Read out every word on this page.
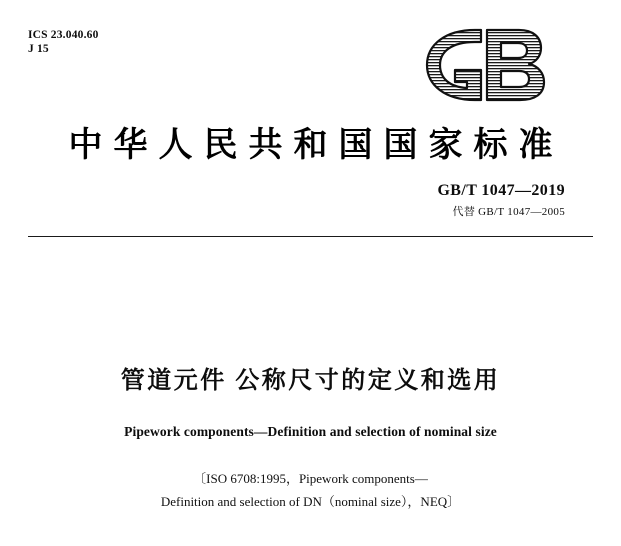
ICS 23.040.60
J 15
中华人民共和国国家标准
GB/T 1047—2019
代替 GB/T 1047—2005
管道元件 公称尺寸的定义和选用
Pipework components—Definition and selection of nominal size
〔ISO 6708:1995，Pipework components—
Definition and selection of DN（nominal size），NEQ〕
